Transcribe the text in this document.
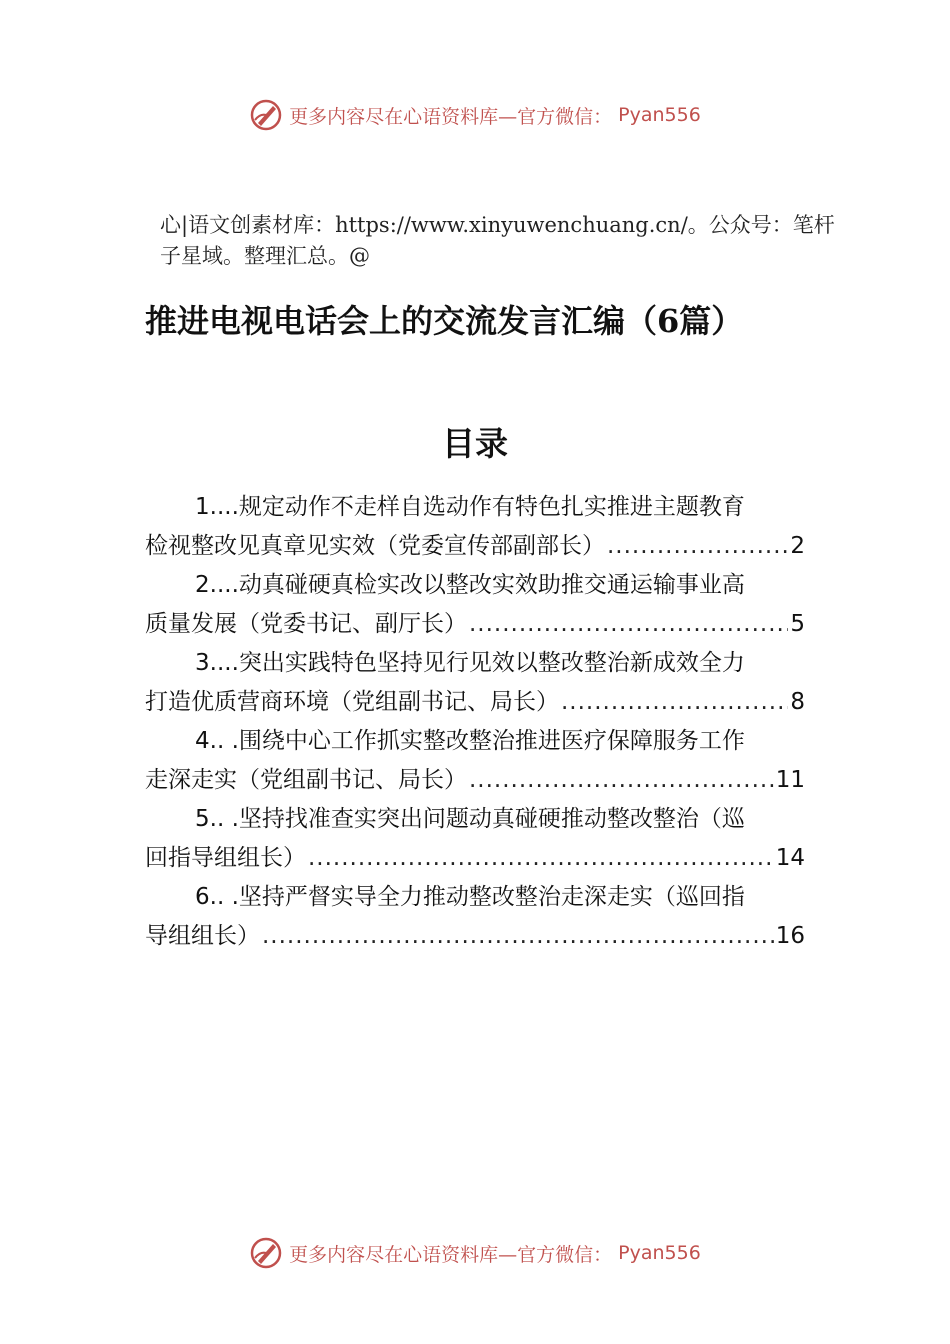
更多内容尽在心语资料库—官方微信： Pyan556
心|语文创素材库：https://www.xinyuwenchuang.cn/。公众号：笔杆子星域。整理汇总。@
推进电视电话会上的交流发言汇编（6篇）
目录
1....规定动作不走样自选动作有特色扎实推进主题教育
检视整改见真章见实效（党委宣传部副部长） .....	2
2....动真碰硬真检实改以整改实效助推交通运输事业高
质量发展（党委书记、副厅长） .....	5
3....突出实践特色坚持见行见效以整改整治新成效全力
打造优质营商环境（党组副书记、局长） .....	8
4.. .围绕中心工作抓实整改整治推进医疗保障服务工作
走深走实（党组副书记、局长） .....	11
5.. .坚持找准查实突出问题动真碰硬推动整改整治（巡
回指导组组长） .....	14
6.. .坚持严督实导全力推动整改整治走深走实（巡回指
导组组长） .....	16
更多内容尽在心语资料库—官方微信： Pyan556
